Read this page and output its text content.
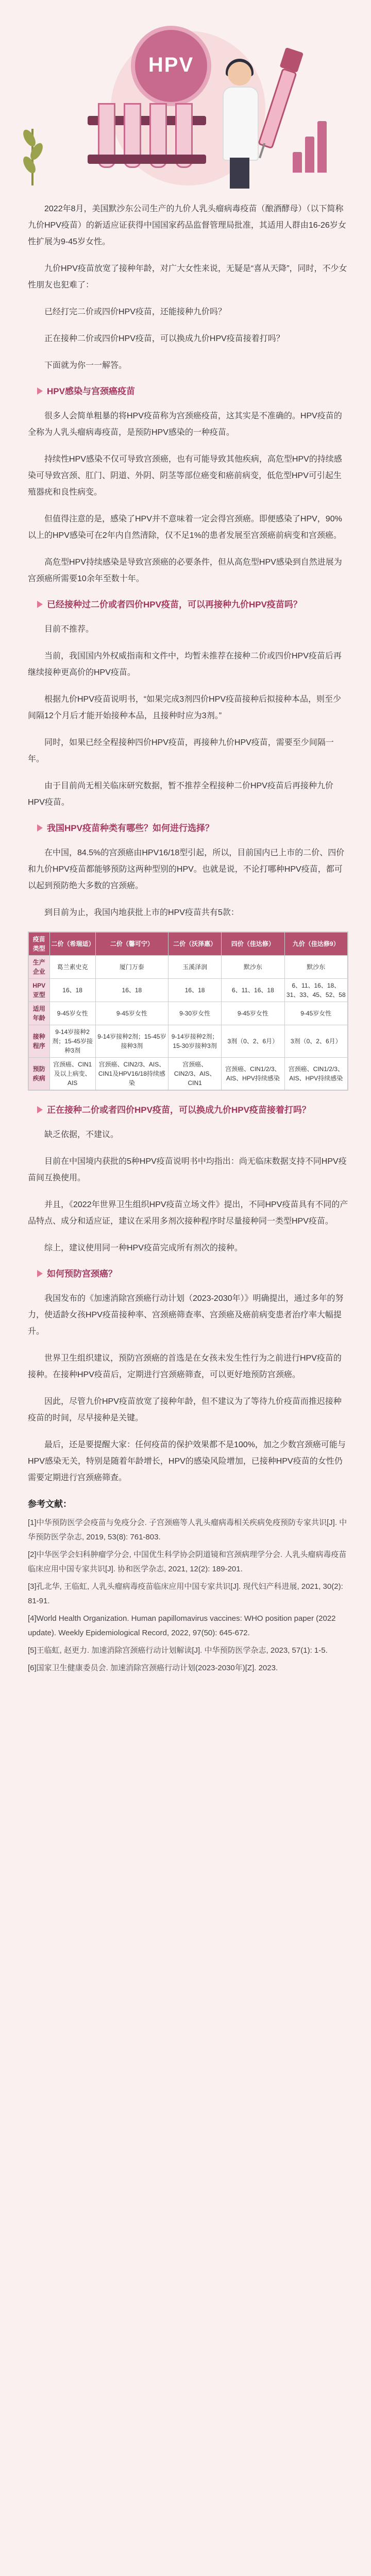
HPV

2022年8月，美国默沙东公司生产的九价人乳头瘤病毒疫苗（酿酒酵母）（以下简称九价HPV疫苗）的新适应证获得中国国家药品监督管理局批准，其适用人群由16-26岁女性扩展为9-45岁女性。

九价HPV疫苗放宽了接种年龄，对广大女性来说，无疑是“喜从天降”，同时，不少女性朋友也犯难了：

已经打完二价或四价HPV疫苗，还能接种九价吗？

正在接种二价或四价HPV疫苗，可以换成九价HPV疫苗接着打吗？

下面就为你一一解答。

HPV感染与宫颈癌疫苗

很多人会简单粗暴的将HPV疫苗称为宫颈癌疫苗，这其实是不准确的。HPV疫苗的全称为人乳头瘤病毒疫苗，是预防HPV感染的一种疫苗。

持续性HPV感染不仅可导致宫颈癌，也有可能导致其他疾病，高危型HPV的持续感染可导致宫颈、肛门、阴道、外阴、阴茎等部位癌变和癌前病变，低危型HPV可引起生殖器疣和良性病变。

但值得注意的是，感染了HPV并不意味着一定会得宫颈癌。即便感染了HPV，90%以上的HPV感染可在2年内自然清除，仅不足1%的患者发展至宫颈癌前病变和宫颈癌。

高危型HPV持续感染是导致宫颈癌的必要条件，但从高危型HPV感染到自然进展为宫颈癌所需要10余年至数十年。

已经接种过二价或者四价HPV疫苗，可以再接种九价HPV疫苗吗？

目前不推荐。

当前，我国国内外权威指南和文件中，均暂未推荐在接种二价或四价HPV疫苗后再继续接种更高价的HPV疫苗。

根据九价HPV疫苗说明书，“如果完成3剂四价HPV疫苗接种后拟接种本品，则至少间隔12个月后才能开始接种本品，且接种时应为3剂。”

同时，如果已经全程接种四价HPV疫苗，再接种九价HPV疫苗，需要至少间隔一年。

由于目前尚无相关临床研究数据，暂不推荐全程接种二价HPV疫苗后再接种九价HPV疫苗。

我国HPV疫苗种类有哪些？如何进行选择？

在中国，84.5%的宫颈癌由HPV16/18型引起，所以，目前国内已上市的二价、四价和九价HPV疫苗都能够预防这两种型别的HPV。也就是说，不论打哪种HPV疫苗，都可以起到预防绝大多数的宫颈癌。

到目前为止，我国内地获批上市的HPV疫苗共有5款：

疫苗类型	二价（希瑞适）	二价（馨可宁）	二价（沃泽惠）	四价（佳达修）	九价（佳达修9）
生产企业	葛兰素史克	厦门万泰	玉溪泽润	默沙东	默沙东
HPV亚型	16、18	16、18	16、18	6、11、16、18	6、11、16、18、31、33、45、52、58
适用年龄	9-45岁女性	9-45岁女性	9-30岁女性	9-45岁女性	9-45岁女性
接种程序	9-14岁接种2剂；15-45岁接种3剂	9-14岁接种2剂；15-45岁接种3剂	9-14岁接种2剂；15-30岁接种3剂	3剂（0、2、6月）	3剂（0、2、6月）
预防疾病	宫颈癌、CIN1及以上病变、AIS	宫颈癌、CIN2/3、AIS、CIN1及HPV16/18持续感染	宫颈癌、CIN2/3、AIS、CIN1	宫颈癌、CIN1/2/3、AIS、HPV持续感染	宫颈癌、CIN1/2/3、AIS、HPV持续感染
正在接种二价或者四价HPV疫苗，可以换成九价HPV疫苗接着打吗？

缺乏依据，不建议。

目前在中国境内获批的5种HPV疫苗说明书中均指出：尚无临床数据支持不同HPV疫苗间互换使用。

并且，《2022年世界卫生组织HPV疫苗立场文件》提出，不同HPV疫苗具有不同的产品特点、成分和适应证，建议在采用多剂次接种程序时尽量接种同一类型HPV疫苗。

综上，建议使用同一种HPV疫苗完成所有剂次的接种。

如何预防宫颈癌？

我国发布的《加速消除宫颈癌行动计划（2023-2030年）》明确提出，通过多年的努力，使适龄女孩HPV疫苗接种率、宫颈癌筛查率、宫颈癌及癌前病变患者治疗率大幅提升。

世界卫生组织建议，预防宫颈癌的首选是在女孩未发生性行为之前进行HPV疫苗的接种。在接种HPV疫苗后，定期进行宫颈癌筛查，可以更好地预防宫颈癌。

因此，尽管九价HPV疫苗放宽了接种年龄，但不建议为了等待九价疫苗而推迟接种疫苗的时间，尽早接种是关键。

最后，还是要提醒大家：任何疫苗的保护效果都不是100%，加之少数宫颈癌可能与HPV感染无关，特别是随着年龄增长，HPV的感染风险增加，已接种HPV疫苗的女性仍需要定期进行宫颈癌筛查。

参考文献：

[1]中华预防医学会疫苗与免疫分会. 子宫颈癌等人乳头瘤病毒相关疾病免疫预防专家共识[J]. 中华预防医学杂志, 2019, 53(8): 761-803.

[2]中华医学会妇科肿瘤学分会, 中国优生科学协会阴道镜和宫颈病理学分会. 人乳头瘤病毒疫苗临床应用中国专家共识[J]. 协和医学杂志, 2021, 12(2): 189-201.

[3]孔北华, 王临虹, 人乳头瘤病毒疫苗临床应用中国专家共识[J]. 现代妇产科进展, 2021, 30(2): 81-91.

[4]World Health Organization. Human papillomavirus vaccines: WHO position paper (2022 update). Weekly Epidemiological Record, 2022, 97(50): 645-672.

[5]王临虹, 赵更力. 加速消除宫颈癌行动计划解读[J]. 中华预防医学杂志, 2023, 57(1): 1-5.

[6]国家卫生健康委员会. 加速消除宫颈癌行动计划(2023-2030年)[Z]. 2023.
